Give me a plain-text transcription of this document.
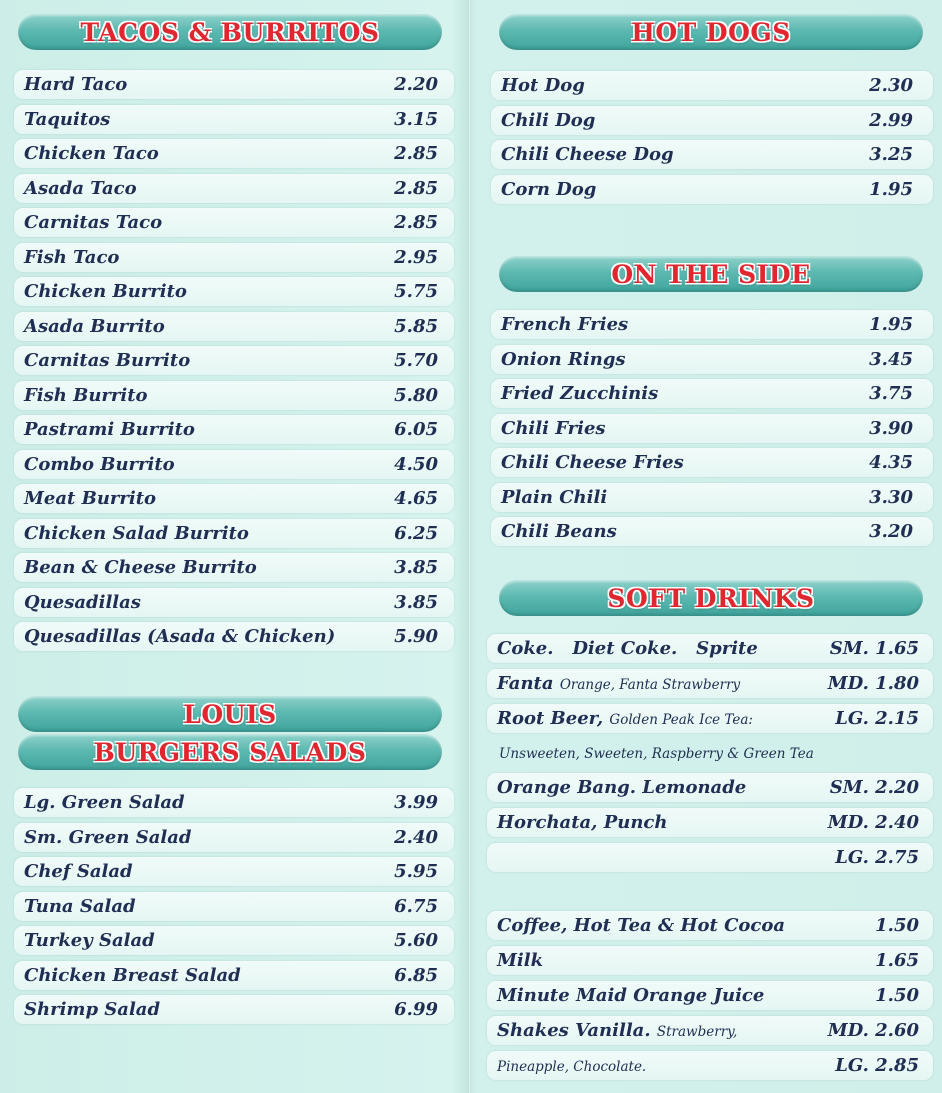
TACOS & BURRITOS
Hard Taco	2.20
Taquitos	3.15
Chicken Taco	2.85
Asada Taco	2.85
Carnitas Taco	2.85
Fish Taco	2.95
Chicken Burrito	5.75
Asada Burrito	5.85
Carnitas Burrito	5.70
Fish Burrito	5.80
Pastrami Burrito	6.05
Combo Burrito	4.50
Meat Burrito	4.65
Chicken Salad Burrito	6.25
Bean & Cheese Burrito	3.85
Quesadillas	3.85
Quesadillas (Asada & Chicken)	5.90
LOUIS
BURGERS SALADS
Lg. Green Salad	3.99
Sm. Green Salad	2.40
Chef Salad	5.95
Tuna Salad	6.75
Turkey Salad	5.60
Chicken Breast Salad	6.85
Shrimp Salad	6.99
HOT DOGS
Hot Dog	2.30
Chili Dog	2.99
Chili Cheese Dog	3.25
Corn Dog	1.95
ON THE SIDE
French Fries	1.95
Onion Rings	3.45
Fried Zucchinis	3.75
Chili Fries	3.90
Chili Cheese Fries	4.35
Plain Chili	3.30
Chili Beans	3.20
SOFT DRINKS
Coke.   Diet Coke.   Sprite	SM. 1.65
Fanta Orange, Fanta Strawberry	MD. 1.80
Root Beer, Golden Peak Ice Tea:	LG. 2.15
Unsweeten, Sweeten, Raspberry & Green Tea
Orange Bang. Lemonade	SM. 2.20
Horchata, Punch	MD. 2.40
LG. 2.75
Coffee, Hot Tea & Hot Cocoa	1.50
Milk	1.65
Minute Maid Orange Juice	1.50
Shakes Vanilla. Strawberry,	MD. 2.60
Pineapple, Chocolate.	LG. 2.85
